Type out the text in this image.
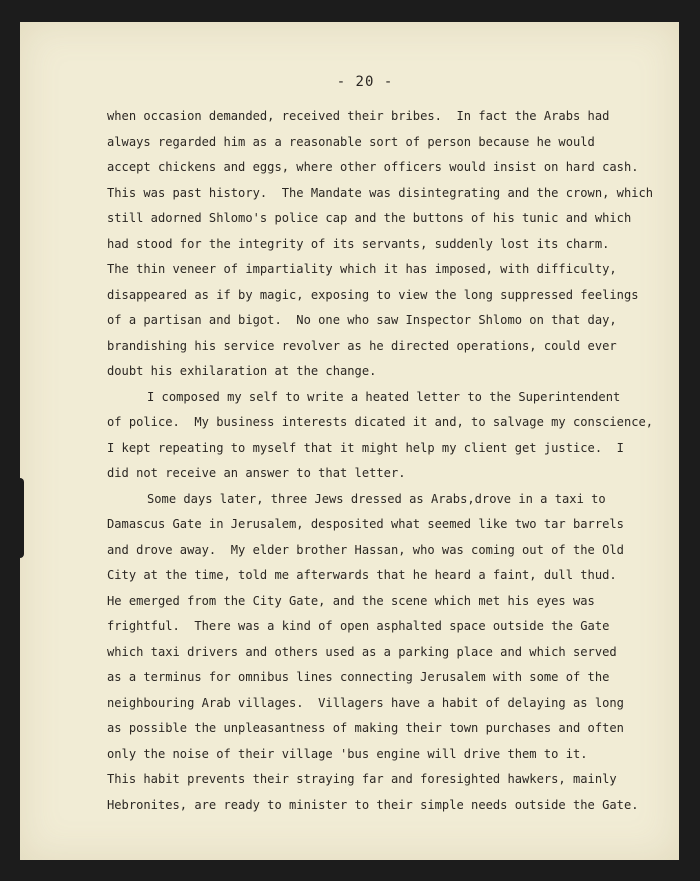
- 20 -
when occasion demanded, received their bribes.  In fact the Arabs had
always regarded him as a reasonable sort of person because he would
accept chickens and eggs, where other officers would insist on hard cash.
This was past history.  The Mandate was disintegrating and the crown, which
still adorned Shlomo's police cap and the buttons of his tunic and which
had stood for the integrity of its servants, suddenly lost its charm.
The thin veneer of impartiality which it has imposed, with difficulty,
disappeared as if by magic, exposing to view the long suppressed feelings
of a partisan and bigot.  No one who saw Inspector Shlomo on that day,
brandishing his service revolver as he directed operations, could ever
doubt his exhilaration at the change.
I composed my self to write a heated letter to the Superintendent
of police.  My business interests dicated it and, to salvage my conscience,
I kept repeating to myself that it might help my client get justice.  I
did not receive an answer to that letter.
Some days later, three Jews dressed as Arabs,drove in a taxi to
Damascus Gate in Jerusalem, desposited what seemed like two tar barrels
and drove away.  My elder brother Hassan, who was coming out of the Old
City at the time, told me afterwards that he heard a faint, dull thud.
He emerged from the City Gate, and the scene which met his eyes was
frightful.  There was a kind of open asphalted space outside the Gate
which taxi drivers and others used as a parking place and which served
as a terminus for omnibus lines connecting Jerusalem with some of the
neighbouring Arab villages.  Villagers have a habit of delaying as long
as possible the unpleasantness of making their town purchases and often
only the noise of their village 'bus engine will drive them to it.
This habit prevents their straying far and foresighted hawkers, mainly
Hebronites, are ready to minister to their simple needs outside the Gate.
